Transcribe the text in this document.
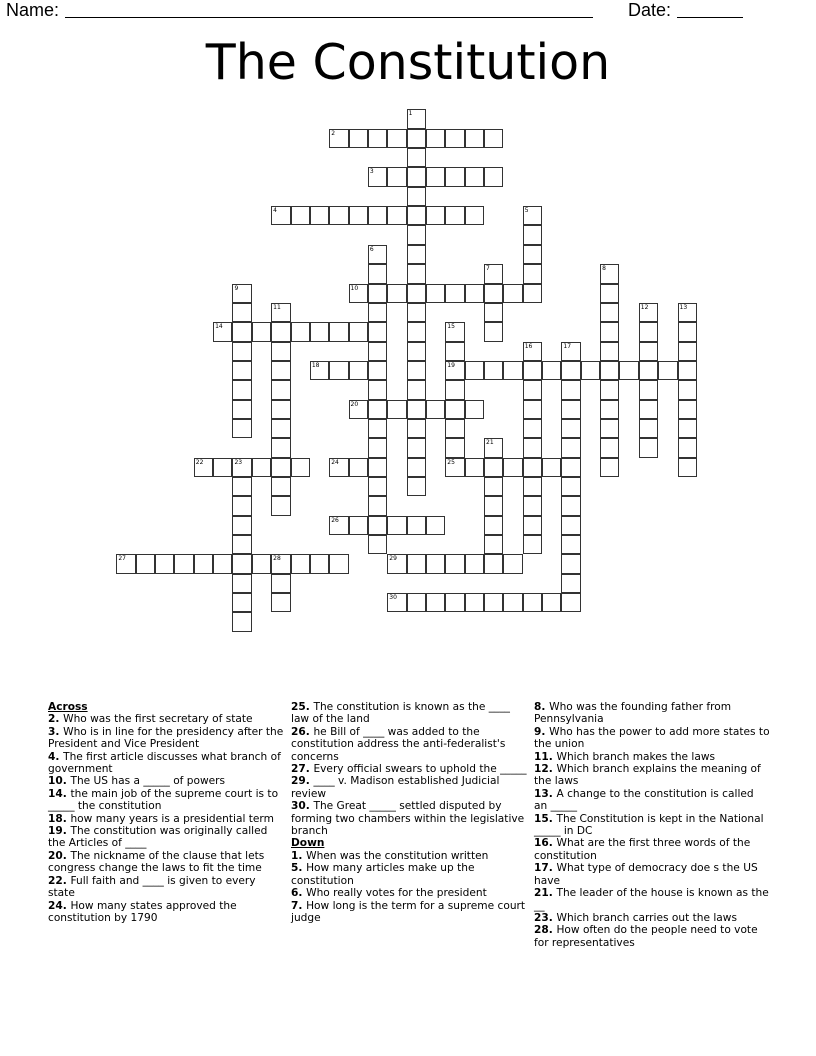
Name:	Date:
The Constitution
1
2
3
4	5
6
7	8
9	10
11	12	13
14	15
19
25
16	17
18
20
21
22	23	24
26
27	28	29
30
Across
2. Who was the first secretary of state
3. Who is in line for the presidency after the President and Vice President
4. The first article discusses what branch of government
10. The US has a _____ of powers
14. the main job of the supreme court is to _____ the constitution
18. how many years is a presidential term
19. The constitution was originally called the Articles of ____
20. The nickname of the clause that lets congress change the laws to fit the time
22. Full faith and ____ is given to every state
24. How many states approved the constitution by 1790
25. The constitution is known as the ____ law of the land
26. he Bill of ____ was added to the constitution address the anti-federalist's concerns
27. Every official swears to uphold the _____
29. ____ v. Madison established Judicial review
30. The Great _____ settled disputed by forming two chambers within the legislative branch
Down
1. When was the constitution written
5. How many articles make up the constitution
6. Who really votes for the president
7. How long is the term for a supreme court judge
8. Who was the founding father from Pennsylvania
9. Who has the power to add more states to the union
11. Which branch makes the laws
12. Which branch explains the meaning of the laws
13. A change to the constitution is called an _____
15. The Constitution is kept in the National _____ in DC
16. What are the first three words of the constitution
17. What type of democracy doe s the US have
21. The leader of the house is known as the __
23. Which branch carries out the laws
28. How often do the people need to vote for representatives
